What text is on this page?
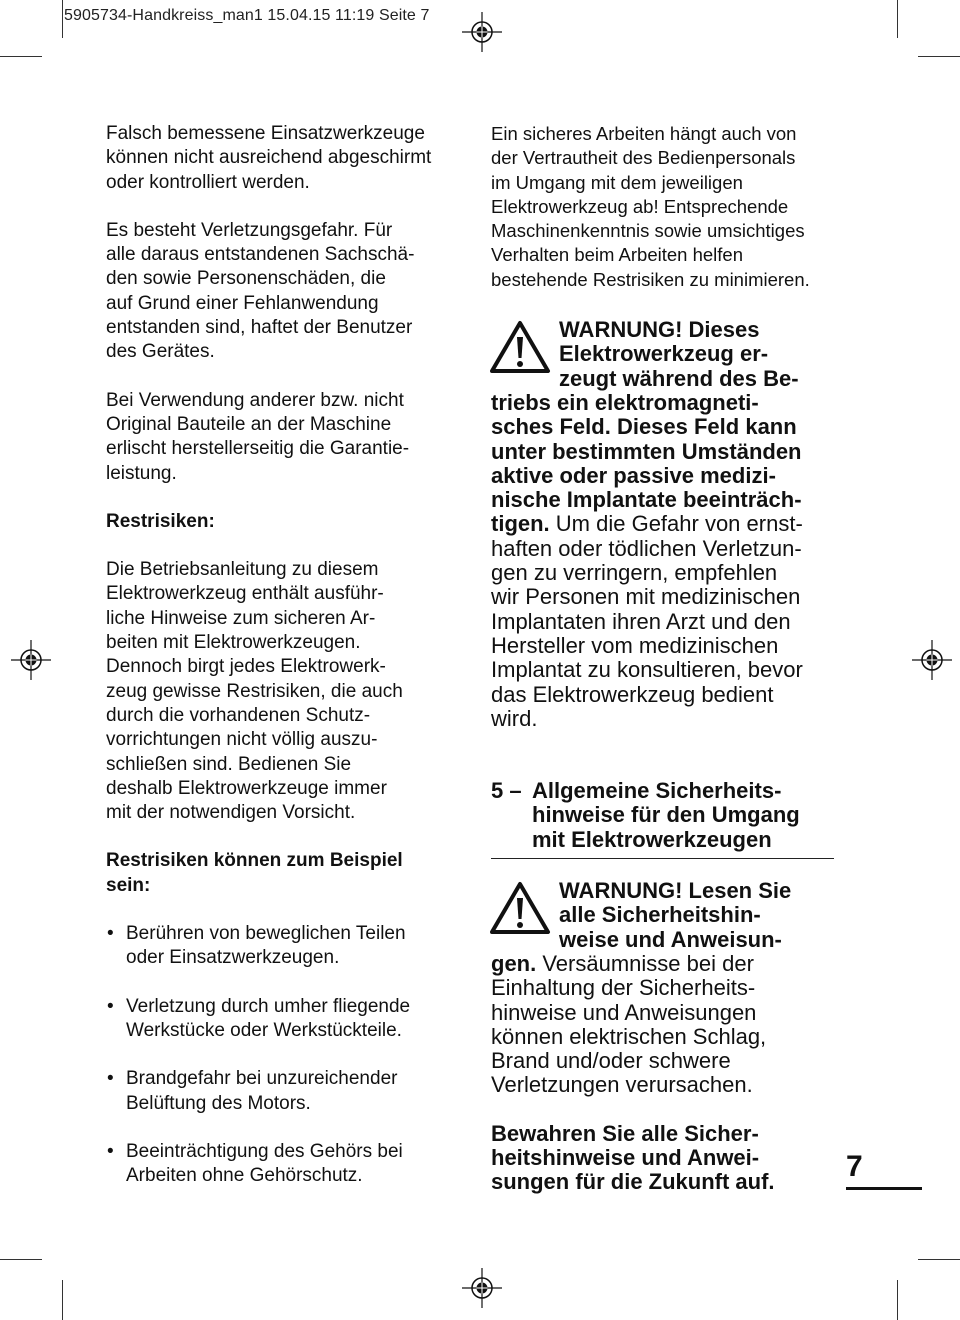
5905734-Handkreiss_man1 15.04.15 11:19 Seite 7

Falsch bemessene Einsatzwerkzeuge können nicht ausreichend abgeschirmt oder kontrolliert werden.

Es besteht Verletzungsgefahr. Für
alle daraus entstandenen Sachschä-
den sowie Personenschäden, die
auf Grund einer Fehlanwendung
entstanden sind, haftet der Benutzer
des Gerätes.
Bei Verwendung anderer bzw. nicht
Original Bauteile an der Maschine
erlischt herstellerseitig die Garantie-
leistung.
Restrisiken:
Die Betriebsanleitung zu diesem
Elektrowerkzeug enthält ausführ-
liche Hinweise zum sicheren Ar-
beiten mit Elektrowerkzeugen.
Dennoch birgt jedes Elektrowerk-
zeug gewisse Restrisiken, die auch
durch die vorhandenen Schutz-
vorrichtungen nicht völlig auszu-
schließen sind. Bedienen Sie
deshalb Elektrowerkzeuge immer
mit der notwendigen Vorsicht.
Restrisiken können zum Beispiel
sein:
• Berühren von beweglichen Teilen
oder Einsatzwerkzeugen.
• Verletzung durch umher fliegende
Werkstücke oder Werkstückteile.
• Brandgefahr bei unzureichender
Belüftung des Motors.
• Beeinträchtigung des Gehörs bei
Arbeiten ohne Gehörschutz.
Ein sicheres Arbeiten hängt auch von
der Vertrautheit des Bedienpersonals
im Umgang mit dem jeweiligen
Elektrowerkzeug ab! Entsprechende
Maschinenkenntnis sowie umsichtiges
Verhalten beim Arbeiten helfen
bestehende Restrisiken zu minimieren.
WARNUNG! Dieses
Elektrowerkzeug er-
zeugt während des Be-
triebs ein elektromagneti-
sches Feld. Dieses Feld kann
unter bestimmten Umständen
aktive oder passive medizi-
nische Implantate beeinträch-
tigen. Um die Gefahr von ernst-
haften oder tödlichen Verletzun-
gen zu verringern, empfehlen
wir Personen mit medizinischen
Implantaten ihren Arzt und den
Hersteller vom medizinischen
Implantat zu konsultieren, bevor
das Elektrowerkzeug bedient
wird.
5 – Allgemeine Sicherheits-
hinweise für den Umgang
mit Elektrowerkzeugen
WARNUNG! Lesen Sie
alle Sicherheitshin-
weise und Anweisun-
gen. Versäumnisse bei der
Einhaltung der Sicherheits-
hinweise und Anweisungen
können elektrischen Schlag,
Brand und/oder schwere
Verletzungen verursachen.
Bewahren Sie alle Sicher-
heitshinweise und Anwei-
sungen für die Zukunft auf.	7
